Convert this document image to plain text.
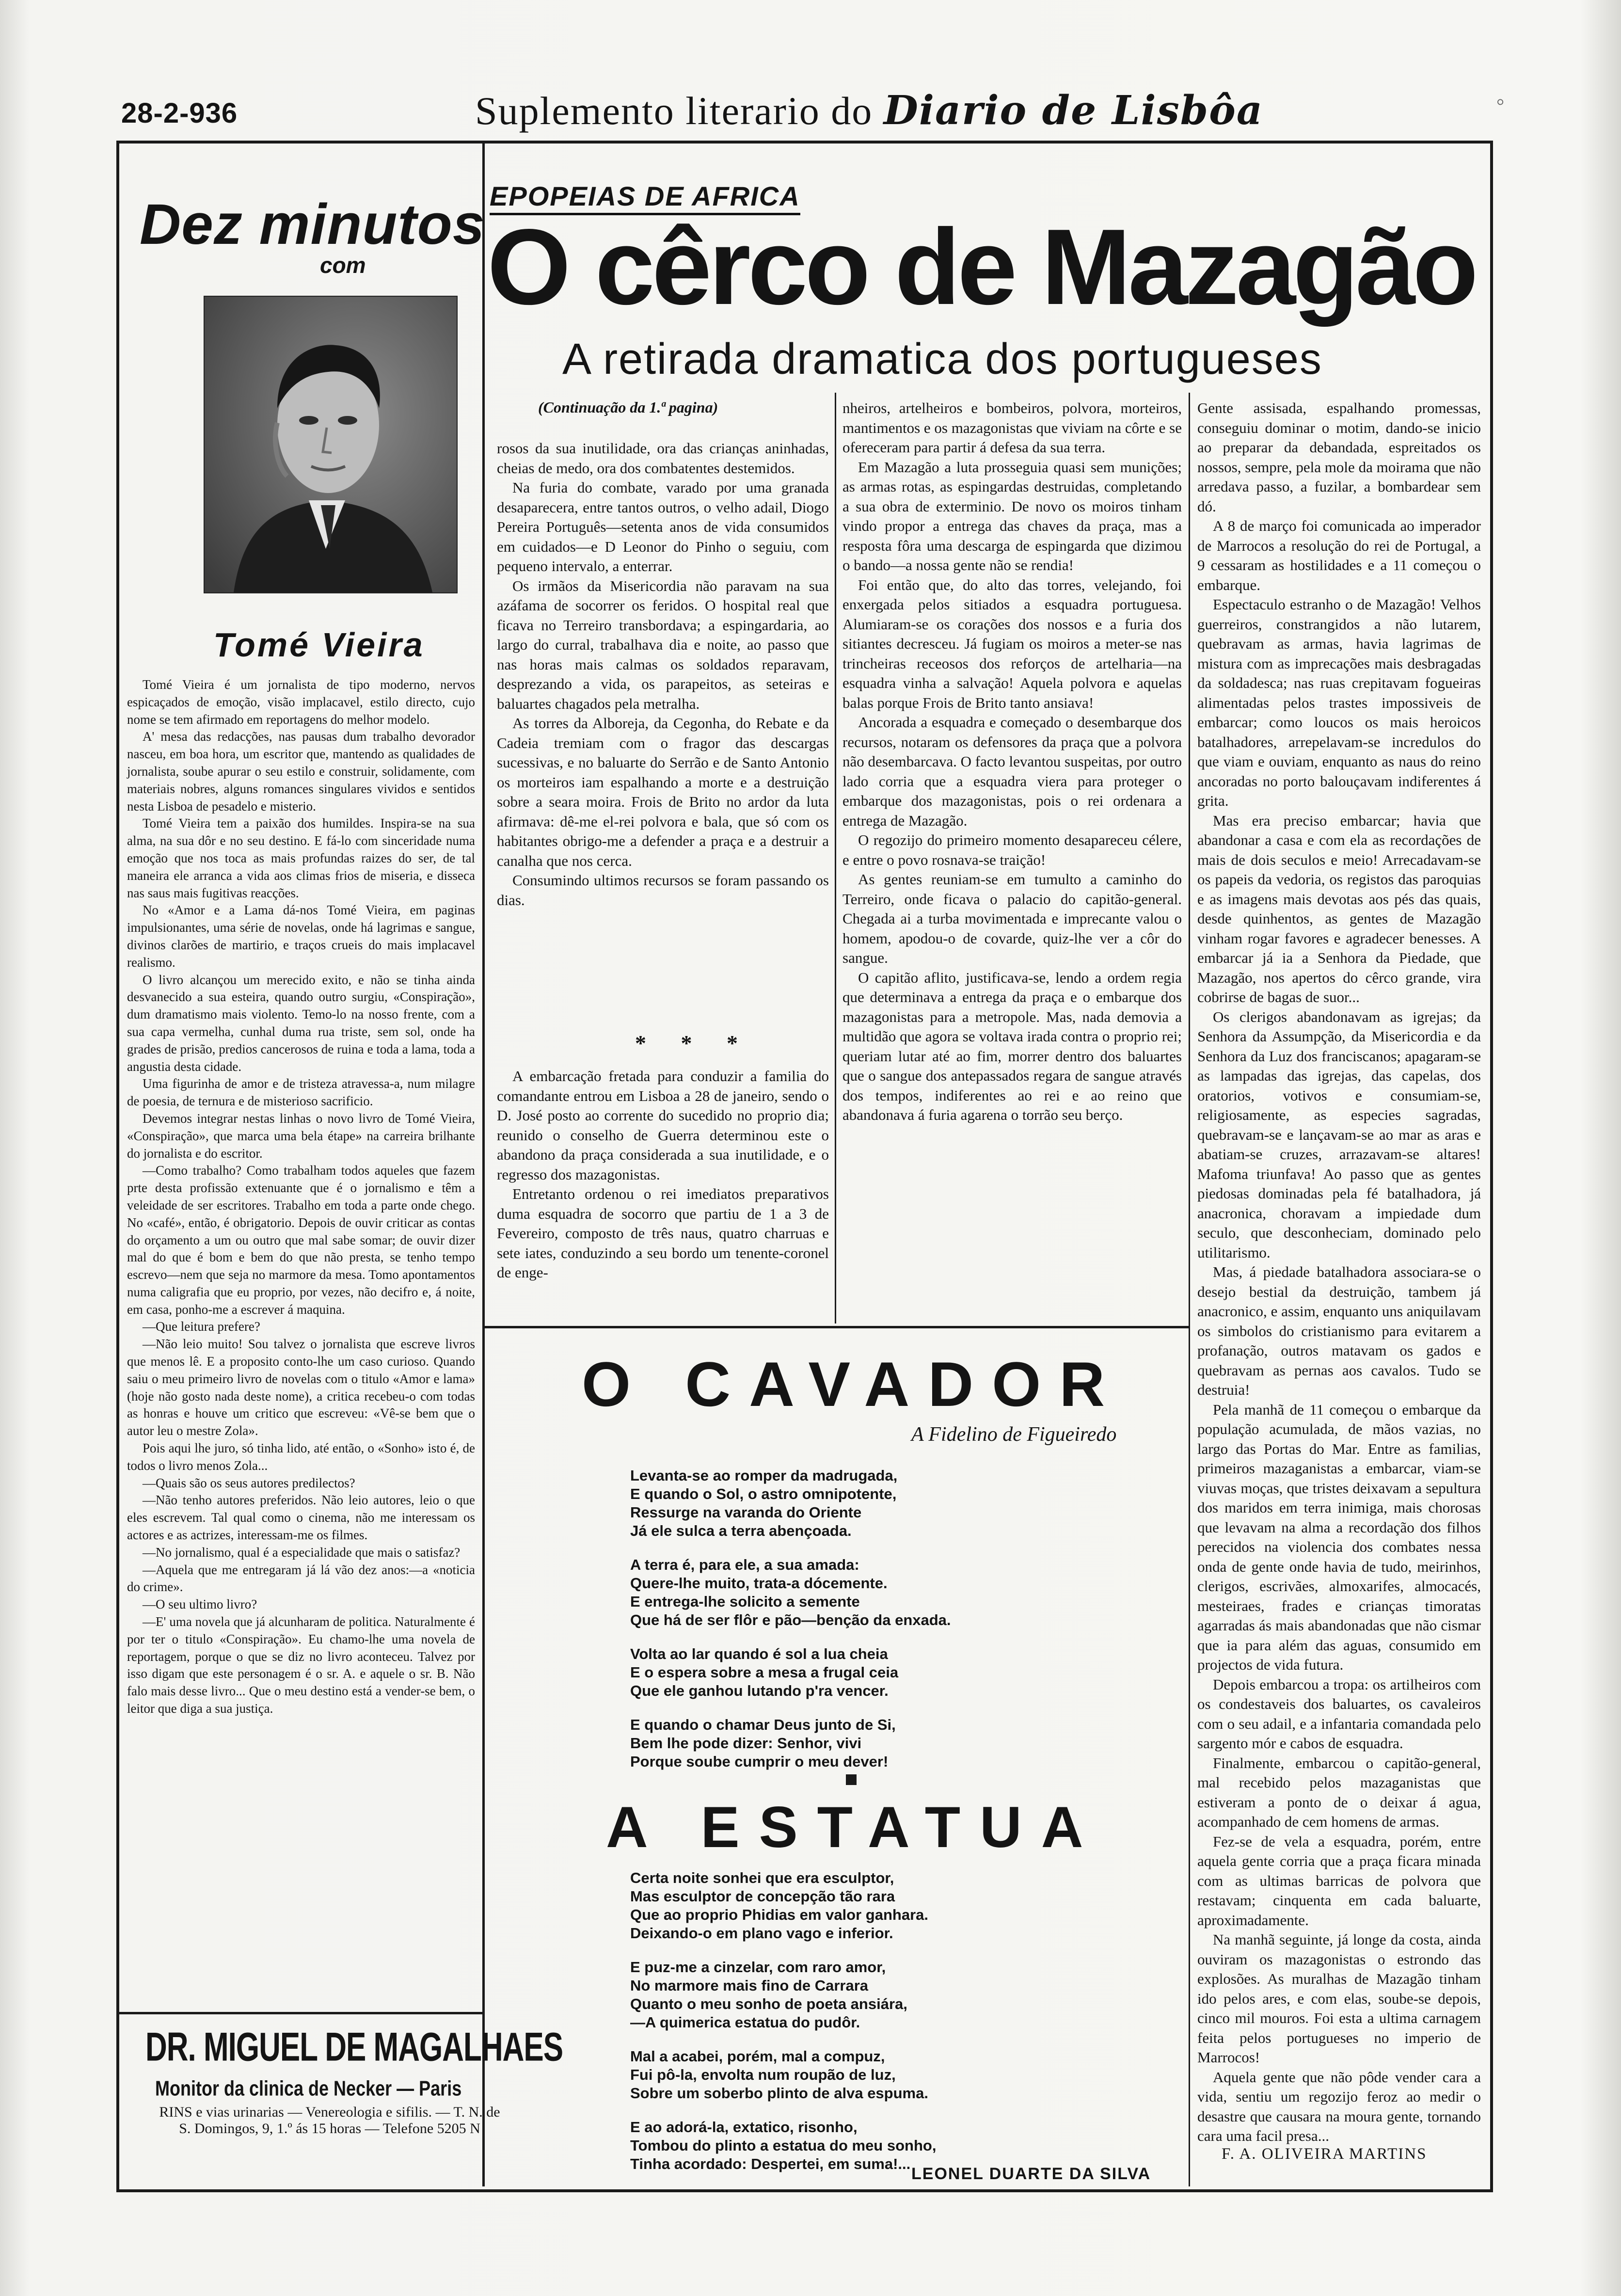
28-2-936	Suplemento literario do Diario de Lisbôa	◦
Dez minutos
com
Tomé Vieira

Tomé Vieira é um jornalista de tipo moderno, nervos espicaçados de emoção, visão implacavel, estilo directo, cujo nome se tem afirmado em reportagens do melhor modelo.

A' mesa das redacções, nas pausas dum trabalho devorador nasceu, em boa hora, um escritor que, mantendo as qualidades de jornalista, soube apurar o seu estilo e construir, solidamente, com materiais nobres, alguns romances singulares vividos e sentidos nesta Lisboa de pesadelo e misterio.

Tomé Vieira tem a paixão dos humildes. Inspira-se na sua alma, na sua dôr e no seu destino. E fá-lo com sinceridade numa emoção que nos toca as mais profundas raizes do ser, de tal maneira ele arranca a vida aos climas frios de miseria, e disseca nas saus mais fugitivas reacções.

No «Amor e a Lama dá-nos Tomé Vieira, em paginas impulsionantes, uma série de novelas, onde há lagrimas e sangue, divinos clarões de martirio, e traços crueis do mais implacavel realismo.

O livro alcançou um merecido exito, e não se tinha ainda desvanecido a sua esteira, quando outro surgiu, «Conspiração», dum dramatismo mais violento. Temo-lo na nosso frente, com a sua capa vermelha, cunhal duma rua triste, sem sol, onde ha grades de prisão, predios cancerosos de ruina e toda a lama, toda a angustia desta cidade.

Uma figurinha de amor e de tristeza atravessa-a, num milagre de poesia, de ternura e de misterioso sacrificio.

Devemos integrar nestas linhas o novo livro de Tomé Vieira, «Conspiração», que marca uma bela étape» na carreira brilhante do jornalista e do escritor.

—Como trabalho? Como trabalham todos aqueles que fazem prte desta profissão extenuante que é o jornalismo e têm a veleidade de ser escritores. Trabalho em toda a parte onde chego. No «café», então, é obrigatorio. Depois de ouvir criticar as contas do orçamento a um ou outro que mal sabe somar; de ouvir dizer mal do que é bom e bem do que não presta, se tenho tempo escrevo—nem que seja no marmore da mesa. Tomo apontamentos numa caligrafia que eu proprio, por vezes, não decifro e, á noite, em casa, ponho-me a escrever á maquina.

—Que leitura prefere?

—Não leio muito! Sou talvez o jornalista que escreve livros que menos lê. E a proposito conto-lhe um caso curioso. Quando saiu o meu primeiro livro de novelas com o titulo «Amor e lama» (hoje não gosto nada deste nome), a critica recebeu-o com todas as honras e houve um critico que escreveu: «Vê-se bem que o autor leu o mestre Zola».

Pois aqui lhe juro, só tinha lido, até então, o «Sonho» isto é, de todos o livro menos Zola...

—Quais são os seus autores predilectos?

—Não tenho autores preferidos. Não leio autores, leio o que eles escrevem. Tal qual como o cinema, não me interessam os actores e as actrizes, interessam-me os filmes.

—No jornalismo, qual é a especialidade que mais o satisfaz?

—Aquela que me entregaram já lá vão dez anos:—a «noticia do crime».

—O seu ultimo livro?

—E' uma novela que já alcunharam de politica. Naturalmente é por ter o titulo «Conspiração». Eu chamo-lhe uma novela de reportagem, porque o que se diz no livro aconteceu. Talvez por isso digam que este personagem é o sr. A. e aquele o sr. B. Não falo mais desse livro... Que o meu destino está a vender-se bem, o leitor que diga a sua justiça.

DR. MIGUEL DE MAGALHAES
Monitor da clinica de Necker — Paris
RINS e vias urinarias — Venereologia e sifilis. — T. N. de S. Domingos, 9, 1.º ás 15 horas — Telefone 5205 N
EPOPEIAS DE AFRICA
O cêrco de Mazagão
A retirada dramatica dos portugueses
(Continuação da 1.ª pagina)

rosos da sua inutilidade, ora das crianças aninhadas, cheias de medo, ora dos combatentes destemidos.

Na furia do combate, varado por uma granada desaparecera, entre tantos outros, o velho adail, Diogo Pereira Português—setenta anos de vida consumidos em cuidados—e D Leonor do Pinho o seguiu, com pequeno intervalo, a enterrar.

Os irmãos da Misericordia não paravam na sua azáfama de socorrer os feridos. O hospital real que ficava no Terreiro transbordava; a espingardaria, ao largo do curral, trabalhava dia e noite, ao passo que nas horas mais calmas os soldados reparavam, desprezando a vida, os parapeitos, as seteiras e baluartes chagados pela metralha.

As torres da Alboreja, da Cegonha, do Rebate e da Cadeia tremiam com o fragor das descargas sucessivas, e no baluarte do Serrão e de Santo Antonio os morteiros iam espalhando a morte e a destruição sobre a seara moira. Frois de Brito no ardor da luta afirmava: dê-me el-rei polvora e bala, que só com os habitantes obrigo-me a defender a praça e a destruir a canalha que nos cerca.

Consumindo ultimos recursos se foram passando os dias.

* * *

A embarcação fretada para conduzir a familia do comandante entrou em Lisboa a 28 de janeiro, sendo o D. José posto ao corrente do sucedido no proprio dia; reunido o conselho de Guerra determinou este o abandono da praça considerada a sua inutilidade, e o regresso dos mazagonistas.

Entretanto ordenou o rei imediatos preparativos duma esquadra de socorro que partiu de 1 a 3 de Fevereiro, composto de três naus, quatro charruas e sete iates, conduzindo a seu bordo um tenente-coronel de enge-

nheiros, artelheiros e bombeiros, polvora, morteiros, mantimentos e os mazagonistas que viviam na côrte e se ofereceram para partir á defesa da sua terra.

Em Mazagão a luta prosseguia quasi sem munições; as armas rotas, as espingardas destruidas, completando a sua obra de exterminio. De novo os moiros tinham vindo propor a entrega das chaves da praça, mas a resposta fôra uma descarga de espingarda que dizimou o bando—a nossa gente não se rendia!

Foi então que, do alto das torres, velejando, foi enxergada pelos sitiados a esquadra portuguesa. Alumiaram-se os corações dos nossos e a furia dos sitiantes decresceu. Já fugiam os moiros a meter-se nas trincheiras receosos dos reforços de artelharia—na esquadra vinha a salvação! Aquela polvora e aquelas balas porque Frois de Brito tanto ansiava!

Ancorada a esquadra e começado o desembarque dos recursos, notaram os defensores da praça que a polvora não desembarcava. O facto levantou suspeitas, por outro lado corria que a esquadra viera para proteger o embarque dos mazagonistas, pois o rei ordenara a entrega de Mazagão.

O regozijo do primeiro momento desapareceu célere, e entre o povo rosnava-se traição!

As gentes reuniam-se em tumulto a caminho do Terreiro, onde ficava o palacio do capitão-general. Chegada ai a turba movimentada e imprecante valou o homem, apodou-o de covarde, quiz-lhe ver a côr do sangue.

O capitão aflito, justificava-se, lendo a ordem regia que determinava a entrega da praça e o embarque dos mazagonistas para a metropole. Mas, nada demovia a multidão que agora se voltava irada contra o proprio rei; queriam lutar até ao fim, morrer dentro dos baluartes que o sangue dos antepassados regara de sangue através dos tempos, indiferentes ao rei e ao reino que abandonava á furia agarena o torrão seu berço.

Gente assisada, espalhando promessas, conseguiu dominar o motim, dando-se inicio ao preparar da debandada, espreitados os nossos, sempre, pela mole da moirama que não arredava passo, a fuzilar, a bombardear sem dó.

A 8 de março foi comunicada ao imperador de Marrocos a resolução do rei de Portugal, a 9 cessaram as hostilidades e a 11 começou o embarque.

Espectaculo estranho o de Mazagão! Velhos guerreiros, constrangidos a não lutarem, quebravam as armas, havia lagrimas de mistura com as imprecações mais desbragadas da soldadesca; nas ruas crepitavam fogueiras alimentadas pelos trastes impossiveis de embarcar; como loucos os mais heroicos batalhadores, arrepelavam-se incredulos do que viam e ouviam, enquanto as naus do reino ancoradas no porto balouçavam indiferentes á grita.

Mas era preciso embarcar; havia que abandonar a casa e com ela as recordações de mais de dois seculos e meio! Arrecadavam-se os papeis da vedoria, os registos das paroquias e as imagens mais devotas aos pés das quais, desde quinhentos, as gentes de Mazagão vinham rogar favores e agradecer benesses. A embarcar já ia a Senhora da Piedade, que Mazagão, nos apertos do cêrco grande, vira cobrirse de bagas de suor...

Os clerigos abandonavam as igrejas; da Senhora da Assumpção, da Misericordia e da Senhora da Luz dos franciscanos; apagaram-se as lampadas das igrejas, das capelas, dos oratorios, votivos e consumiam-se, religiosamente, as especies sagradas, quebravam-se e lançavam-se ao mar as aras e abatiam-se cruzes, arrazavam-se altares! Mafoma triunfava! Ao passo que as gentes piedosas dominadas pela fé batalhadora, já anacronica, choravam a impiedade dum seculo, que desconheciam, dominado pelo utilitarismo.

Mas, á piedade batalhadora associara-se o desejo bestial da destruição, tambem já anacronico, e assim, enquanto uns aniquilavam os simbolos do cristianismo para evitarem a profanação, outros matavam os gados e quebravam as pernas aos cavalos. Tudo se destruia!

Pela manhã de 11 começou o embarque da população acumulada, de mãos vazias, no largo das Portas do Mar. Entre as familias, primeiros mazaganistas a embarcar, viam-se viuvas moças, que tristes deixavam a sepultura dos maridos em terra inimiga, mais chorosas que levavam na alma a recordação dos filhos perecidos na violencia dos combates nessa onda de gente onde havia de tudo, meirinhos, clerigos, escrivães, almoxarifes, almocacés, mesteiraes, frades e crianças timoratas agarradas ás mais abandonadas que não cismar que ia para além das aguas, consumido em projectos de vida futura.

Depois embarcou a tropa: os artilheiros com os condestaveis dos baluartes, os cavaleiros com o seu adail, e a infantaria comandada pelo sargento mór e cabos de esquadra.

Finalmente, embarcou o capitão-general, mal recebido pelos mazaganistas que estiveram a ponto de o deixar á agua, acompanhado de cem homens de armas.

Fez-se de vela a esquadra, porém, entre aquela gente corria que a praça ficara minada com as ultimas barricas de polvora que restavam; cinquenta em cada baluarte, aproximadamente.

Na manhã seguinte, já longe da costa, ainda ouviram os mazagonistas o estrondo das explosões. As muralhas de Mazagão tinham ido pelos ares, e com elas, soube-se depois, cinco mil mouros. Foi esta a ultima carnagem feita pelos portugueses no imperio de Marrocos!

Aquela gente que não pôde vender cara a vida, sentiu um regozijo feroz ao medir o desastre que causara na moura gente, tornando cara uma facil presa...

F. A. OLIVEIRA MARTINS
O CAVADOR
A Fidelino de Figueiredo
Levanta-se ao romper da madrugada,
E quando o Sol, o astro omnipotente,
Ressurge na varanda do Oriente
Já ele sulca a terra abençoada.
A terra é, para ele, a sua amada:
Quere-lhe muito, trata-a dócemente.
E entrega-lhe solicito a semente
Que há de ser flôr e pão—benção da enxada.
Volta ao lar quando é sol a lua cheia
E o espera sobre a mesa a frugal ceia
Que ele ganhou lutando p'ra vencer.
E quando o chamar Deus junto de Si,
Bem lhe pode dizer: Senhor, vivi
Porque soube cumprir o meu dever!
A ESTATUA
Certa noite sonhei que era esculptor,
Mas esculptor de concepção tão rara
Que ao proprio Phidias em valor ganhara.
Deixando-o em plano vago e inferior.
E puz-me a cinzelar, com raro amor,
No marmore mais fino de Carrara
Quanto o meu sonho de poeta ansiára,
—A quimerica estatua do pudôr.
Mal a acabei, porém, mal a compuz,
Fui pô-la, envolta num roupão de luz,
Sobre um soberbo plinto de alva espuma.
E ao adorá-la, extatico, risonho,
Tombou do plinto a estatua do meu sonho,
Tinha acordado: Despertei, em suma!...
LEONEL DUARTE DA SILVA
